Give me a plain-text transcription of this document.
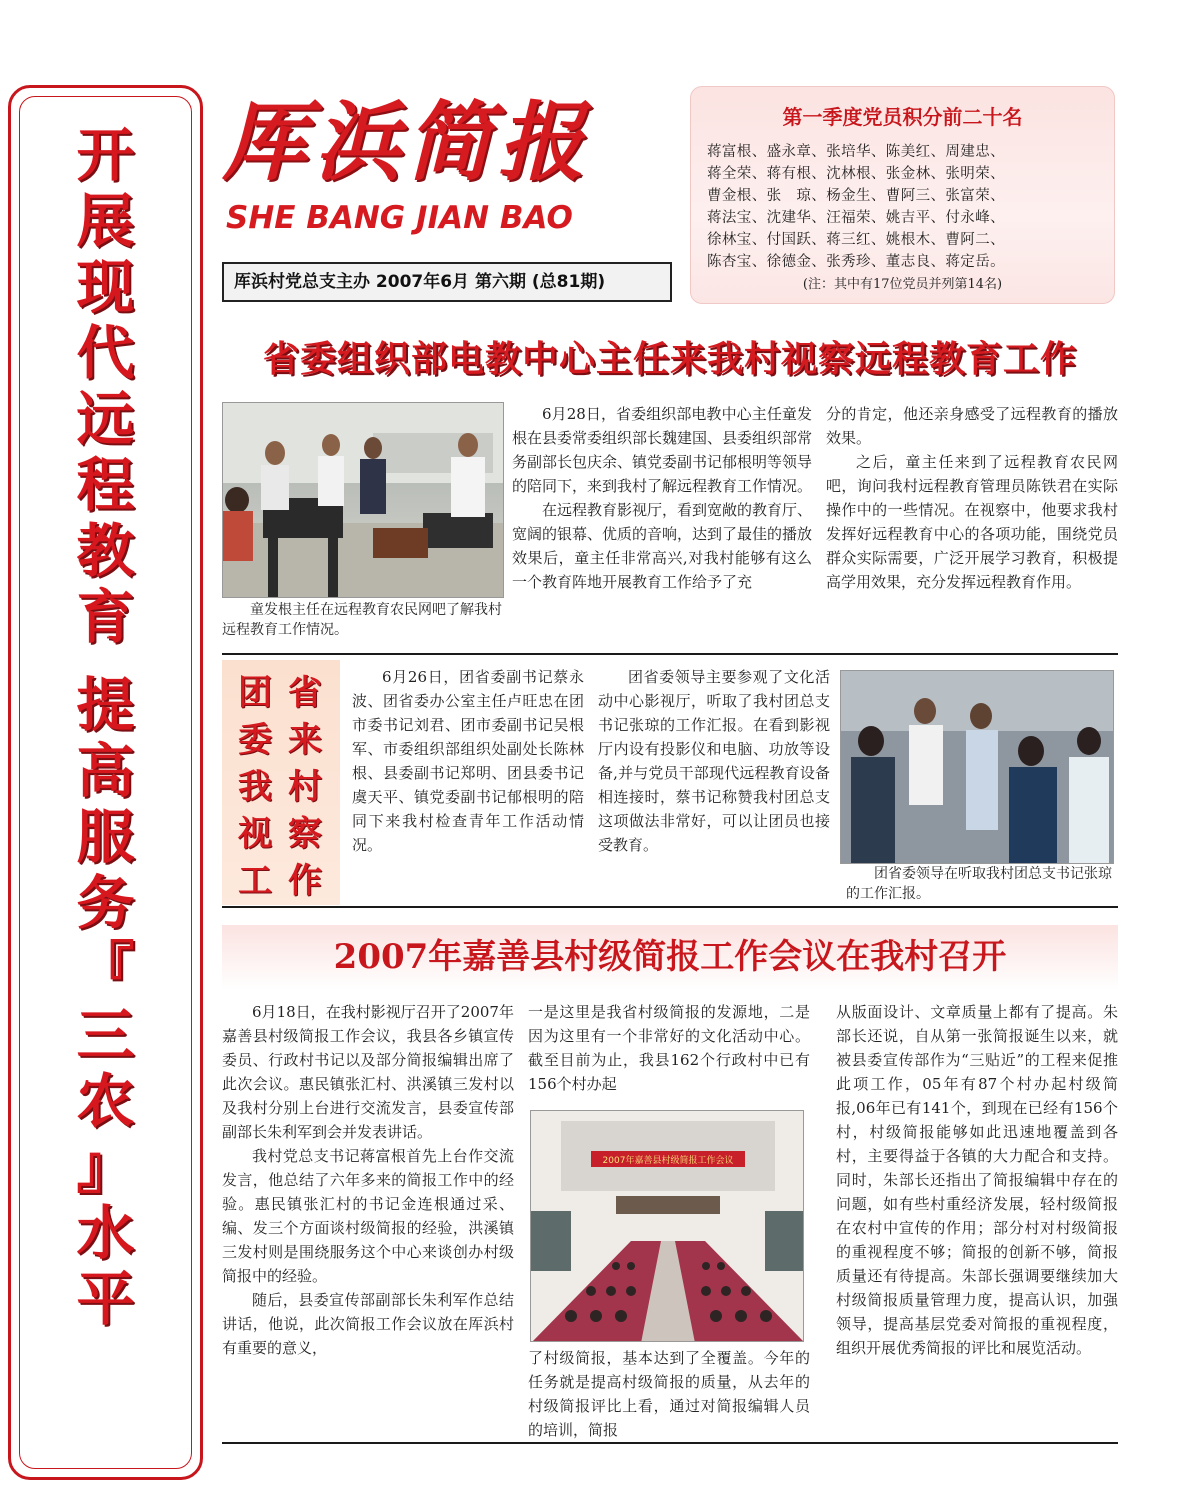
开
展
现
代
远
程
教
育
提
高
服
务
『
三
农
』
水
平
厍浜简报
SHE BANG JIAN BAO
厍浜村党总支主办 2007年6月 第六期 (总81期)
第一季度党员积分前二十名
蒋富根、盛永章、张培华、陈美红、周建忠、
蒋全荣、蒋有根、沈林根、张金林、张明荣、
曹金根、张　琼、杨金生、曹阿三、张富荣、
蒋法宝、沈建华、汪福荣、姚吉平、付永峰、
徐林宝、付国跃、蒋三红、姚根木、曹阿二、
陈杏宝、徐德金、张秀珍、董志良、蒋定岳。
(注：其中有17位党员并列第14名)
省委组织部电教中心主任来我村视察远程教育工作
童发根主任在远程教育农民网吧了解我村远程教育工作情况。

6月28日，省委组织部电教中心主任童发根在县委常委组织部长魏建国、县委组织部常务副部长包庆余、镇党委副书记郁根明等领导的陪同下，来到我村了解远程教育工作情况。

在远程教育影视厅，看到宽敞的教育厅、宽阔的银幕、优质的音响，达到了最佳的播放效果后，童主任非常高兴,对我村能够有这么一个教育阵地开展教育工作给予了充

分的肯定，他还亲身感受了远程教育的播放效果。

之后，童主任来到了远程教育农民网吧，询问我村远程教育管理员陈铁君在实际操作中的一些情况。在视察中，他要求我村发挥好远程教育中心的各项功能，围绕党员群众实际需要，广泛开展学习教育，积极提高学用效果，充分发挥远程教育作用。

团
委
我
视
工
省
来
村
察
作

6月26日，团省委副书记蔡永波、团省委办公室主任卢旺忠在团市委书记刘君、团市委副书记吴根军、市委组织部组织处副处长陈林根、县委副书记郑明、团县委书记虞天平、镇党委副书记郁根明的陪同下来我村检查青年工作活动情况。

团省委领导主要参观了文化活动中心影视厅，听取了我村团总支书记张琼的工作汇报。在看到影视厅内设有投影仪和电脑、功放等设备,并与党员干部现代远程教育设备相连接时，蔡书记称赞我村团总支这项做法非常好，可以让团员也接受教育。

团省委领导在听取我村团总支书记张琼的工作汇报。
2007年嘉善县村级简报工作会议在我村召开

6月18日，在我村影视厅召开了2007年嘉善县村级简报工作会议，我县各乡镇宣传委员、行政村书记以及部分简报编辑出席了此次会议。惠民镇张汇村、洪溪镇三发村以及我村分别上台进行交流发言，县委宣传部副部长朱利军到会并发表讲话。

我村党总支书记蒋富根首先上台作交流发言，他总结了六年多来的简报工作中的经验。惠民镇张汇村的书记金连根通过采、编、发三个方面谈村级简报的经验，洪溪镇三发村则是围绕服务这个中心来谈创办村级简报中的经验。

随后，县委宣传部副部长朱利军作总结讲话，他说，此次简报工作会议放在厍浜村有重要的意义，

一是这里是我省村级简报的发源地，二是因为这里有一个非常好的文化活动中心。截至目前为止，我县162个行政村中已有156个村办起

2007年嘉善县村级简报工作会议

了村级简报，基本达到了全覆盖。今年的任务就是提高村级简报的质量，从去年的村级简报评比上看，通过对简报编辑人员的培训，简报

从版面设计、文章质量上都有了提高。朱部长还说，自从第一张简报诞生以来，就被县委宣传部作为“三贴近”的工程来促推此项工作，05年有87个村办起村级简报,06年已有141个，到现在已经有156个村，村级简报能够如此迅速地覆盖到各村，主要得益于各镇的大力配合和支持。同时，朱部长还指出了简报编辑中存在的问题，如有些村重经济发展，轻村级简报在农村中宣传的作用；部分村对村级简报的重视程度不够；简报的创新不够，简报质量还有待提高。朱部长强调要继续加大村级简报质量管理力度，提高认识，加强领导，提高基层党委对简报的重视程度，组织开展优秀简报的评比和展览活动。
